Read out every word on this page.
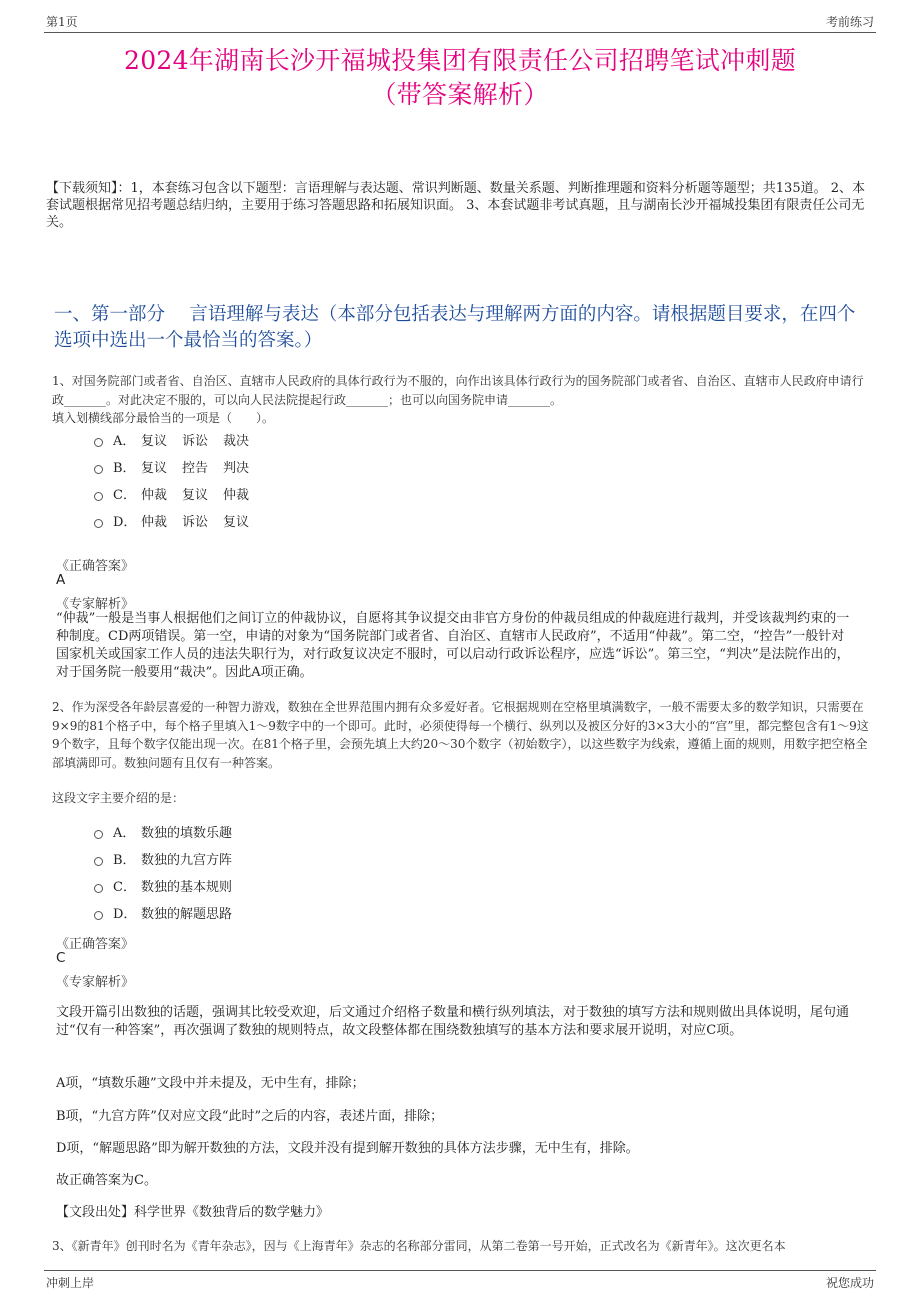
第1页	考前练习
2024年湖南长沙开福城投集团有限责任公司招聘笔试冲刺题
（带答案解析）
【下载须知】：1，本套练习包含以下题型：言语理解与表达题、常识判断题、数量关系题、判断推理题和资料分析题等题型；共135道。 2、本套试题根据常见招考题总结归纳，主要用于练习答题思路和拓展知识面。 3、本套试题非考试真题，且与湖南长沙开福城投集团有限责任公司无关。
一、第一部分　 言语理解与表达（本部分包括表达与理解两方面的内容。请根据题目要求，在四个选项中选出一个最恰当的答案。）
1、对国务院部门或者省、自治区、直辖市人民政府的具体行政行为不服的，向作出该具体行政行为的国务院部门或者省、自治区、直辖市人民政府申请行政_______。对此决定不服的，可以向人民法院提起行政_______；也可以向国务院申请_______。
填入划横线部分最恰当的一项是（　　）。
A． 复议 诉讼 裁决
B． 复议 控告 判决
C． 仲裁 复议 仲裁
D． 仲裁 诉讼 复议
《正确答案》
A
《专家解析》
“仲裁”一般是当事人根据他们之间订立的仲裁协议，自愿将其争议提交由非官方身份的仲裁员组成的仲裁庭进行裁判，并受该裁判约束的一种制度。CD两项错误。第一空，申请的对象为“国务院部门或者省、自治区、直辖市人民政府”，不适用“仲裁”。第二空，“控告”一般针对国家机关或国家工作人员的违法失职行为，对行政复议决定不服时，可以启动行政诉讼程序，应选“诉讼”。第三空，“判决”是法院作出的，对于国务院一般要用“裁决”。因此A项正确。
2、作为深受各年龄层喜爱的一种智力游戏，数独在全世界范围内拥有众多爱好者。它根据规则在空格里填满数字，一般不需要太多的数学知识，只需要在9×9的81个格子中，每个格子里填入1～9数字中的一个即可。此时，必须使得每一个横行、纵列以及被区分好的3×3大小的“宫”里，都完整包含有1～9这9个数字，且每个数字仅能出现一次。在81个格子里，会预先填上大约20～30个数字（初始数字），以这些数字为线索，遵循上面的规则，用数字把空格全部填满即可。数独问题有且仅有一种答案。
这段文字主要介绍的是：
A． 数独的填数乐趣
B． 数独的九宫方阵
C． 数独的基本规则
D． 数独的解题思路
《正确答案》
C
《专家解析》
文段开篇引出数独的话题，强调其比较受欢迎，后文通过介绍格子数量和横行纵列填法，对于数独的填写方法和规则做出具体说明，尾句通过“仅有一种答案”，再次强调了数独的规则特点，故文段整体都在围绕数独填写的基本方法和要求展开说明，对应C项。
A项，“填数乐趣”文段中并未提及，无中生有，排除；
B项，“九宫方阵”仅对应文段“此时”之后的内容，表述片面，排除；
D项，“解题思路”即为解开数独的方法，文段并没有提到解开数独的具体方法步骤，无中生有，排除。
故正确答案为C。
【文段出处】科学世界《数独背后的数学魅力》
3、《新青年》创刊时名为《青年杂志》，因与《上海青年》杂志的名称部分雷同，从第二卷第一号开始，正式改名为《新青年》。这次更名本
冲刺上岸	祝您成功
